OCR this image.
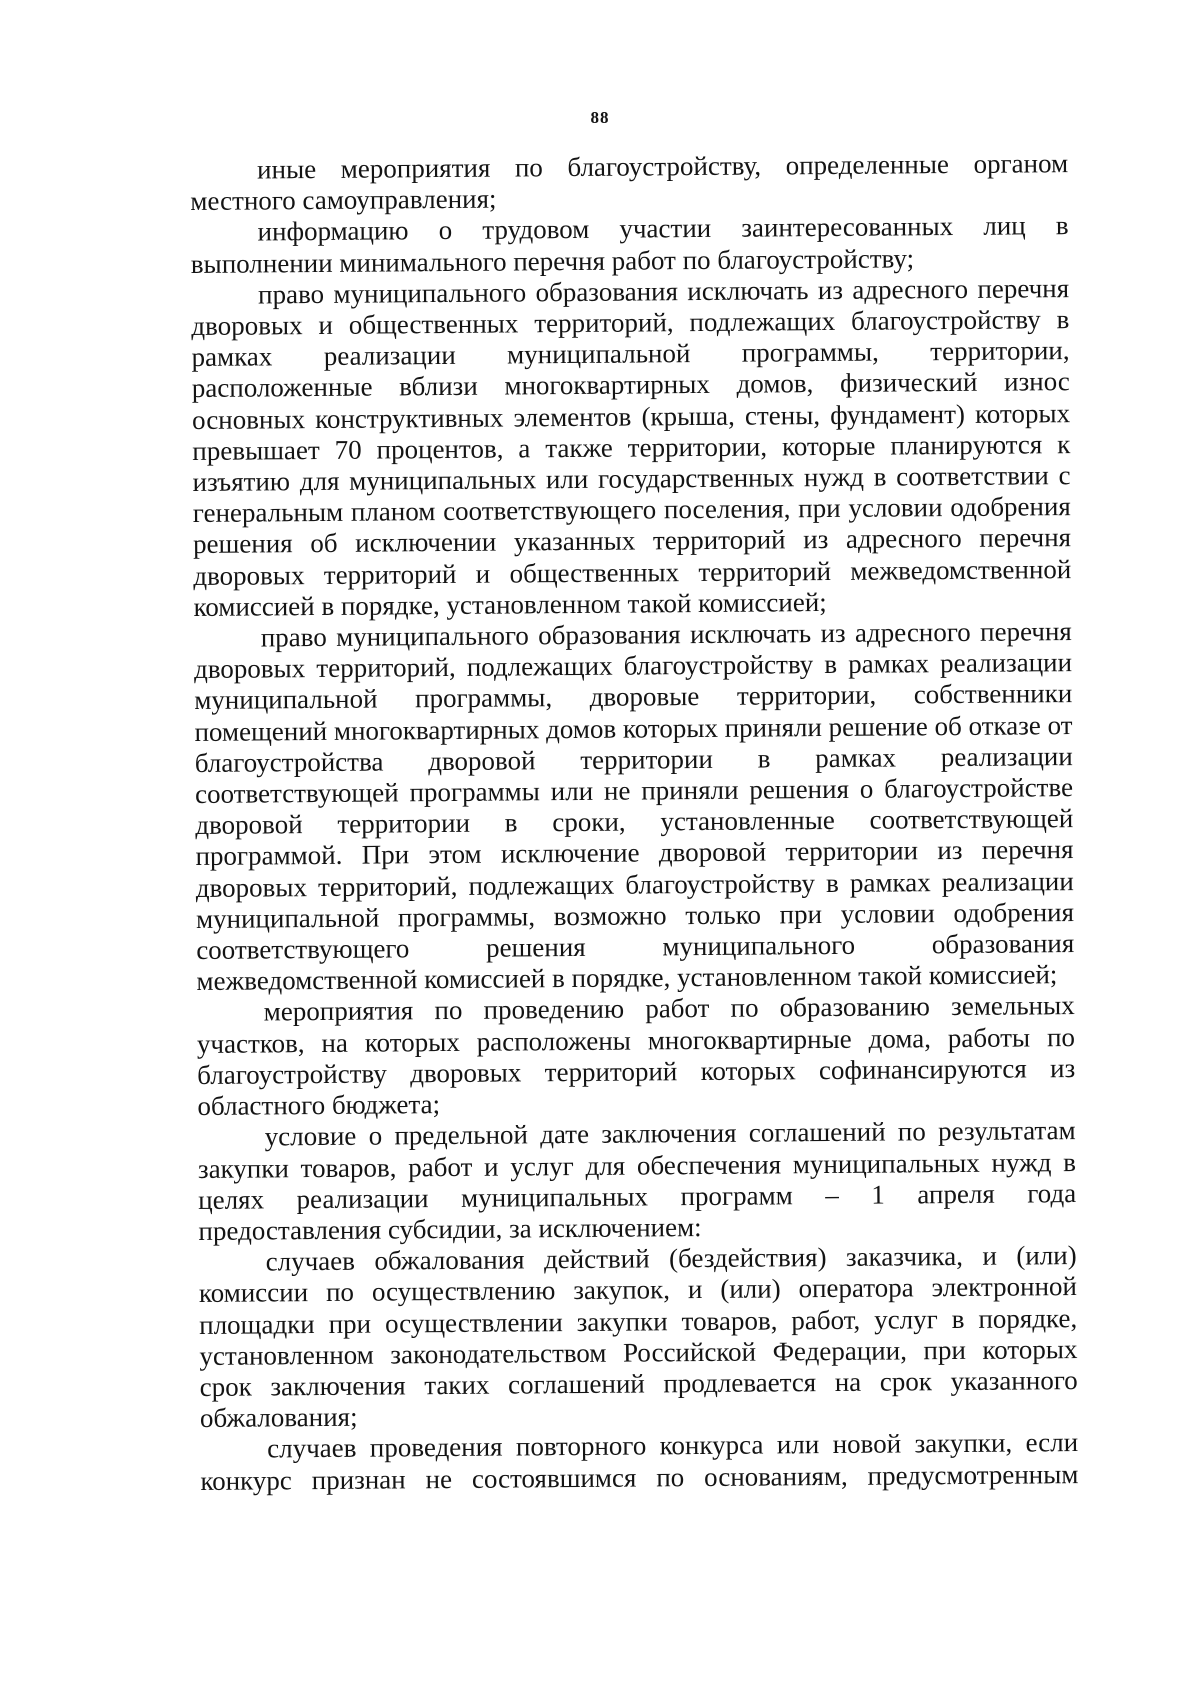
88

иные мероприятия по благоустройству, определенные органом местного самоуправления;

информацию о трудовом участии заинтересованных лиц в выполнении минимального перечня работ по благоустройству;

право муниципального образования исключать из адресного перечня дворовых и общественных территорий, подлежащих благоустройству в рамках реализации муниципальной программы, территории, расположенные вблизи многоквартирных домов, физический износ основных конструктивных элементов (крыша, стены, фундамент) которых превышает 70 процентов, а также территории, которые планируются к изъятию для муниципальных или государственных нужд в соответствии с генеральным планом соответствующего поселения, при условии одобрения решения об исключении указанных территорий из адресного перечня дворовых территорий и общественных территорий межведомственной комиссией в порядке, установленном такой комиссией;

право муниципального образования исключать из адресного перечня дворовых территорий, подлежащих благоустройству в рамках реализации муниципальной программы, дворовые территории, собственники помещений многоквартирных домов которых приняли решение об отказе от благоустройства дворовой территории в рамках реализации соответствующей программы или не приняли решения о благоустройстве дворовой территории в сроки, установленные соответствующей программой. При этом исключение дворовой территории из перечня дворовых территорий, подлежащих благоустройству в рамках реализации муниципальной программы, возможно только при условии одобрения соответствующего решения муниципального образования межведомственной комиссией в порядке, установленном такой комиссией;

мероприятия по проведению работ по образованию земельных участков, на которых расположены многоквартирные дома, работы по благоустройству дворовых территорий которых софинансируются из областного бюджета;

условие о предельной дате заключения соглашений по результатам закупки товаров, работ и услуг для обеспечения муниципальных нужд в целях реализации муниципальных программ – 1 апреля года предоставления субсидии, за исключением:

случаев обжалования действий (бездействия) заказчика, и (или) комиссии по осуществлению закупок, и (или) оператора электронной площадки при осуществлении закупки товаров, работ, услуг в порядке, установленном законодательством Российской Федерации, при которых срок заключения таких соглашений продлевается на срок указанного обжалования;

случаев проведения повторного конкурса или новой закупки, если конкурс признан не состоявшимся по основаниям, предусмотренным
